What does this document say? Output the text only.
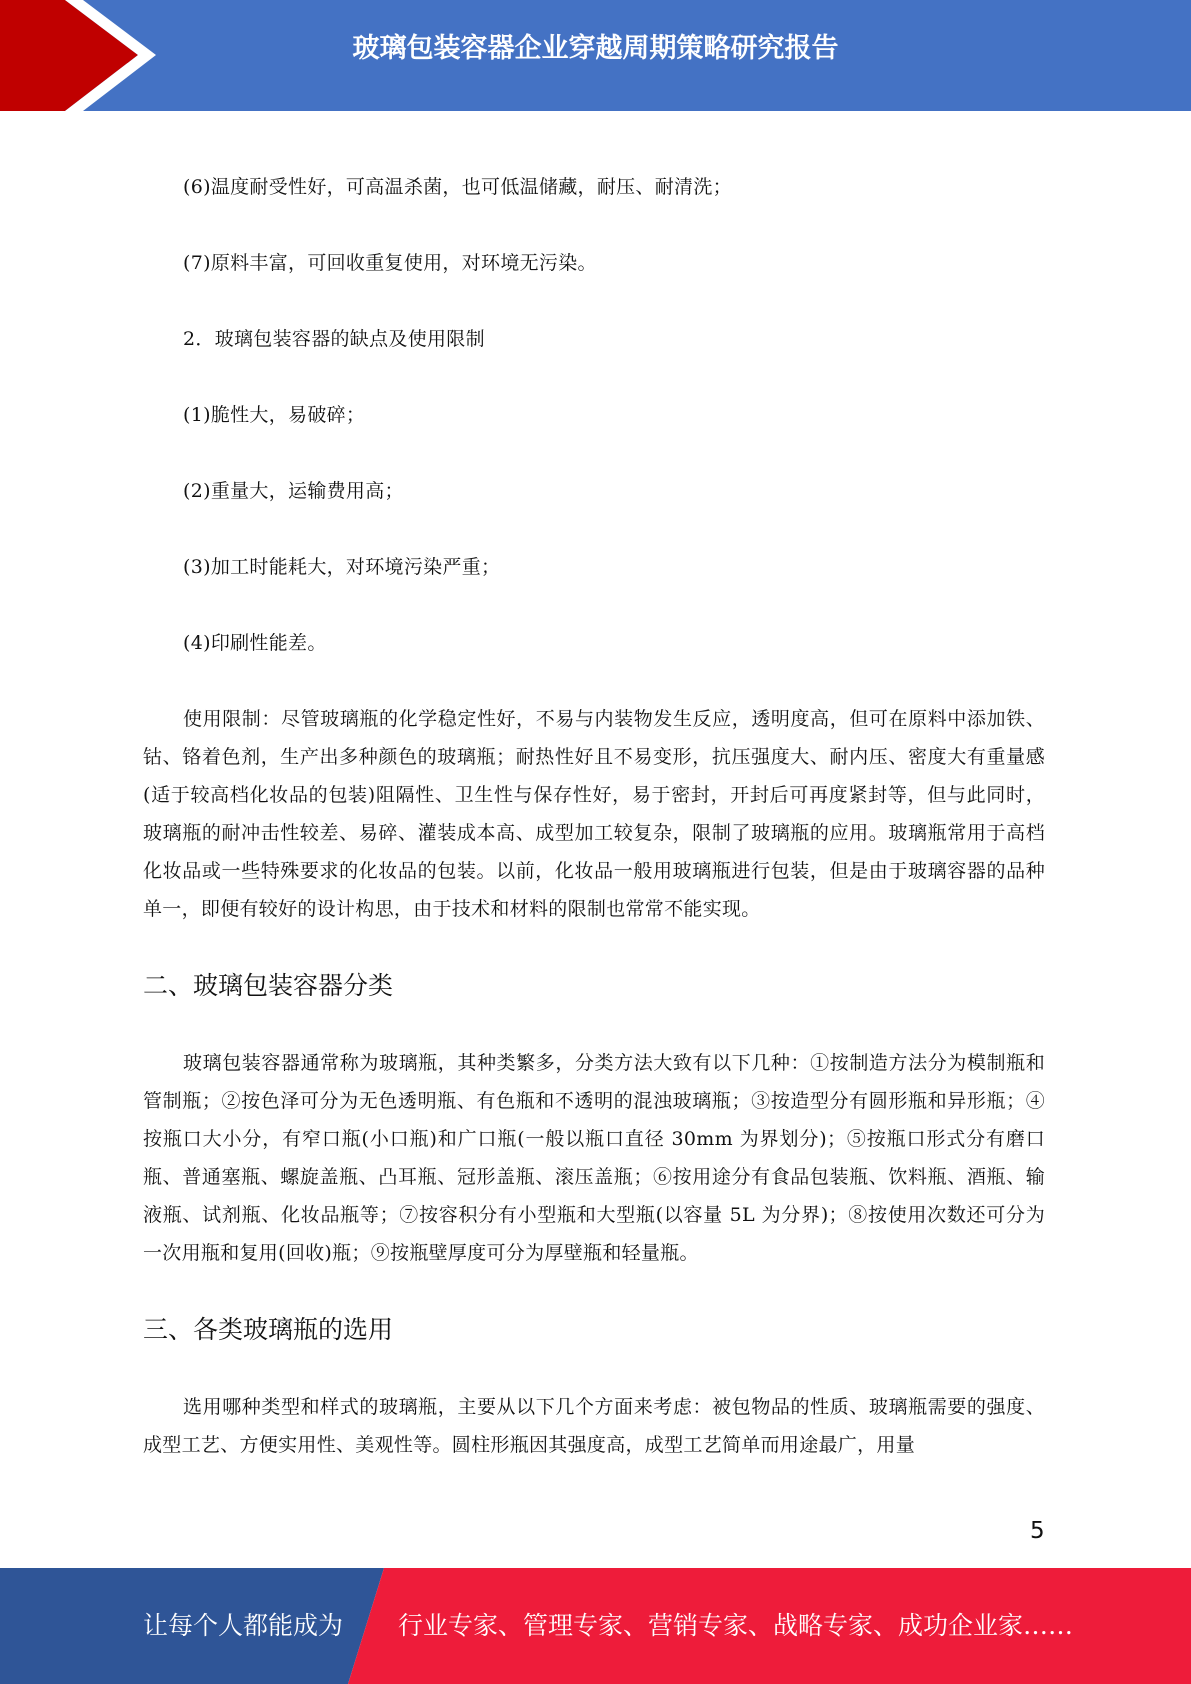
玻璃包装容器企业穿越周期策略研究报告

(6)温度耐受性好，可高温杀菌，也可低温储藏，耐压、耐清洗；

(7)原料丰富，可回收重复使用，对环境无污染。

2．玻璃包装容器的缺点及使用限制

(1)脆性大，易破碎；

(2)重量大，运输费用高；

(3)加工时能耗大，对环境污染严重；

(4)印刷性能差。

使用限制：尽管玻璃瓶的化学稳定性好，不易与内装物发生反应，透明度高，但可在原料中添加铁、钴、铬着色剂，生产出多种颜色的玻璃瓶；耐热性好且不易变形，抗压强度大、耐内压、密度大有重量感(适于较高档化妆品的包装)阻隔性、卫生性与保存性好，易于密封，开封后可再度紧封等，但与此同时，玻璃瓶的耐冲击性较差、易碎、灌装成本高、成型加工较复杂，限制了玻璃瓶的应用。玻璃瓶常用于高档化妆品或一些特殊要求的化妆品的包装。以前，化妆品一般用玻璃瓶进行包装，但是由于玻璃容器的品种单一，即便有较好的设计构思，由于技术和材料的限制也常常不能实现。

二、玻璃包装容器分类

玻璃包装容器通常称为玻璃瓶，其种类繁多，分类方法大致有以下几种：①按制造方法分为模制瓶和管制瓶；②按色泽可分为无色透明瓶、有色瓶和不透明的混浊玻璃瓶；③按造型分有圆形瓶和异形瓶；④按瓶口大小分，有窄口瓶(小口瓶)和广口瓶(一般以瓶口直径 30mm 为界划分)；⑤按瓶口形式分有磨口瓶、普通塞瓶、螺旋盖瓶、凸耳瓶、冠形盖瓶、滚压盖瓶；⑥按用途分有食品包装瓶、饮料瓶、酒瓶、输液瓶、试剂瓶、化妆品瓶等；⑦按容积分有小型瓶和大型瓶(以容量 5L 为分界)；⑧按使用次数还可分为一次用瓶和复用(回收)瓶；⑨按瓶壁厚度可分为厚壁瓶和轻量瓶。

三、各类玻璃瓶的选用

选用哪种类型和样式的玻璃瓶，主要从以下几个方面来考虑：被包物品的性质、玻璃瓶需要的强度、成型工艺、方便实用性、美观性等。圆柱形瓶因其强度高，成型工艺简单而用途最广，用量

5
让每个人都能成为 行业专家、管理专家、营销专家、战略专家、成功企业家……
